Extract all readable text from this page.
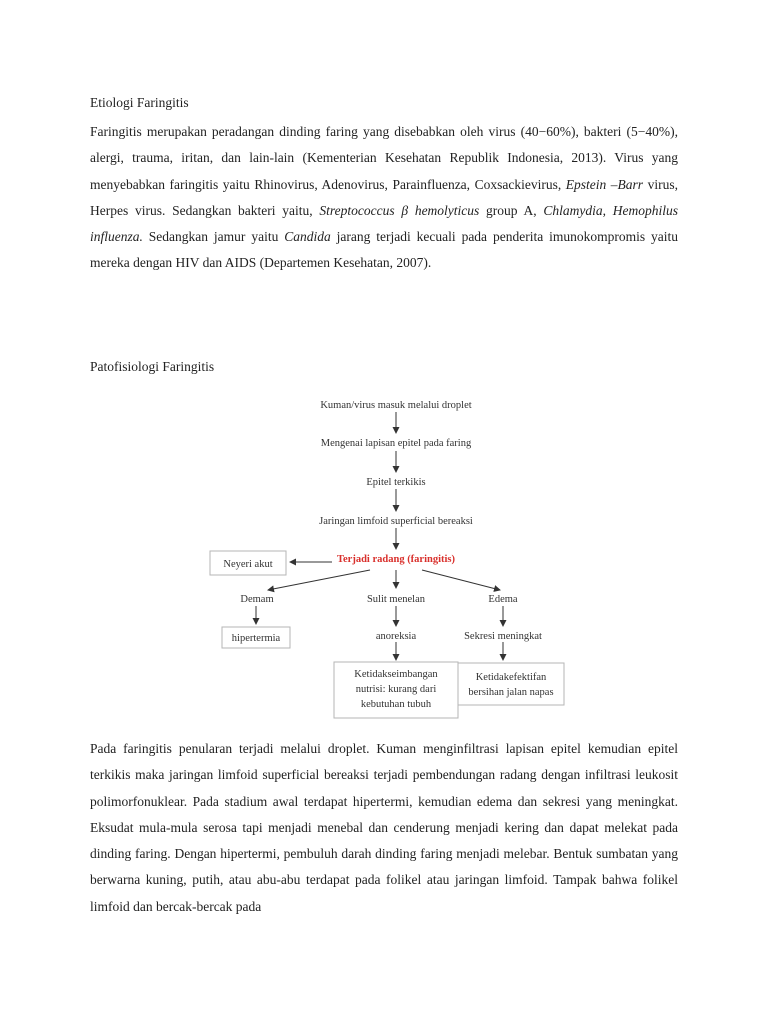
Etiologi Faringitis

Faringitis merupakan peradangan dinding faring yang disebabkan oleh virus (40−60%), bakteri (5−40%), alergi, trauma, iritan, dan lain-lain (Kementerian Kesehatan Republik Indonesia, 2013). Virus yang menyebabkan faringitis yaitu Rhinovirus, Adenovirus, Parainfluenza, Coxsackievirus, Epstein –Barr virus, Herpes virus. Sedangkan bakteri yaitu, Streptococcus β hemolyticus group A, Chlamydia, Hemophilus influenza. Sedangkan jamur yaitu Candida jarang terjadi kecuali pada penderita imunokompromis yaitu mereka dengan HIV dan AIDS (Departemen Kesehatan, 2007).

Patofisiologi Faringitis
Kuman/virus masuk melalui droplet
Mengenai lapisan epitel pada faring
Epitel terkikis
Jaringan limfoid superficial bereaksi
Terjadi radang (faringitis)
Neyeri akut
Demam	Sulit menelan	Edema
hipertermia	anoreksia	Sekresi meningkat
Ketidakseimbangan
nutrisi: kurang dari
kebutuhan tubuh
Ketidakefektifan
bersihan jalan napas

Pada faringitis penularan terjadi melalui droplet. Kuman menginfiltrasi lapisan epitel kemudian epitel terkikis maka jaringan limfoid superficial bereaksi terjadi pembendungan radang dengan infiltrasi leukosit polimorfonuklear. Pada stadium awal terdapat hipertermi, kemudian edema dan sekresi yang meningkat. Eksudat mula-mula serosa tapi menjadi menebal dan cenderung menjadi kering dan dapat melekat pada dinding faring. Dengan hipertermi, pembuluh darah dinding faring menjadi melebar. Bentuk sumbatan yang berwarna kuning, putih, atau abu-abu terdapat pada folikel atau jaringan limfoid. Tampak bahwa folikel limfoid dan bercak-bercak pada
